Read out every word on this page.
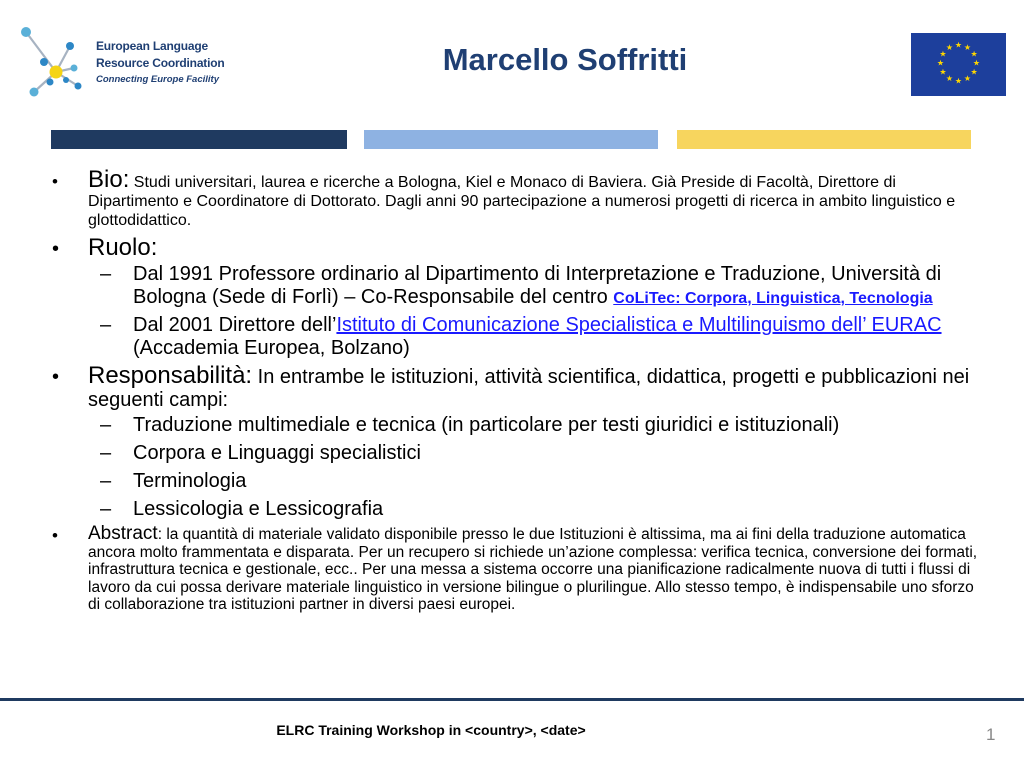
European Language
Resource Coordination
Connecting Europe Facility
Marcello Soffritti	★ ★
★
★
★
★
★
★
★
★
★
★
• Bio: Studi universitari, laurea e ricerche a Bologna, Kiel e Monaco di Baviera. Già Preside di Facoltà, Direttore di Dipartimento e Coordinatore di Dottorato. Dagli anni 90 partecipazione a numerosi progetti di ricerca in ambito linguistico e glottodidattico.
• Ruolo:
– Dal 1991 Professore ordinario al Dipartimento di Interpretazione e Traduzione, Università di Bologna (Sede di Forlì) – Co-Responsabile del centro CoLiTec: Corpora, Linguistica, Tecnologia
– Dal 2001 Direttore dell’Istituto di Comunicazione Specialistica e Multilinguismo dell’ EURAC (Accademia Europea, Bolzano)
• Responsabilità: In entrambe le istituzioni, attività scientifica, didattica, progetti e pubblicazioni nei seguenti campi:
– Traduzione multimediale e tecnica (in particolare per testi giuridici e istituzionali)
– Corpora e Linguaggi specialistici
– Terminologia
– Lessicologia e Lessicografia
• Abstract: la quantità di materiale validato disponibile presso le due Istituzioni è altissima, ma ai fini della traduzione automatica ancora molto frammentata e disparata. Per un recupero si richiede un’azione complessa: verifica tecnica, conversione dei formati, infrastruttura tecnica e gestionale, ecc.. Per una messa a sistema occorre una pianificazione radicalmente nuova di tutti i flussi di lavoro da cui possa derivare materiale linguistico in versione bilingue o plurilingue. Allo stesso tempo, è indispensabile uno sforzo di collaborazione tra istituzioni partner in diversi paesi europei.
ELRC Training Workshop in <country>, <date>	1
